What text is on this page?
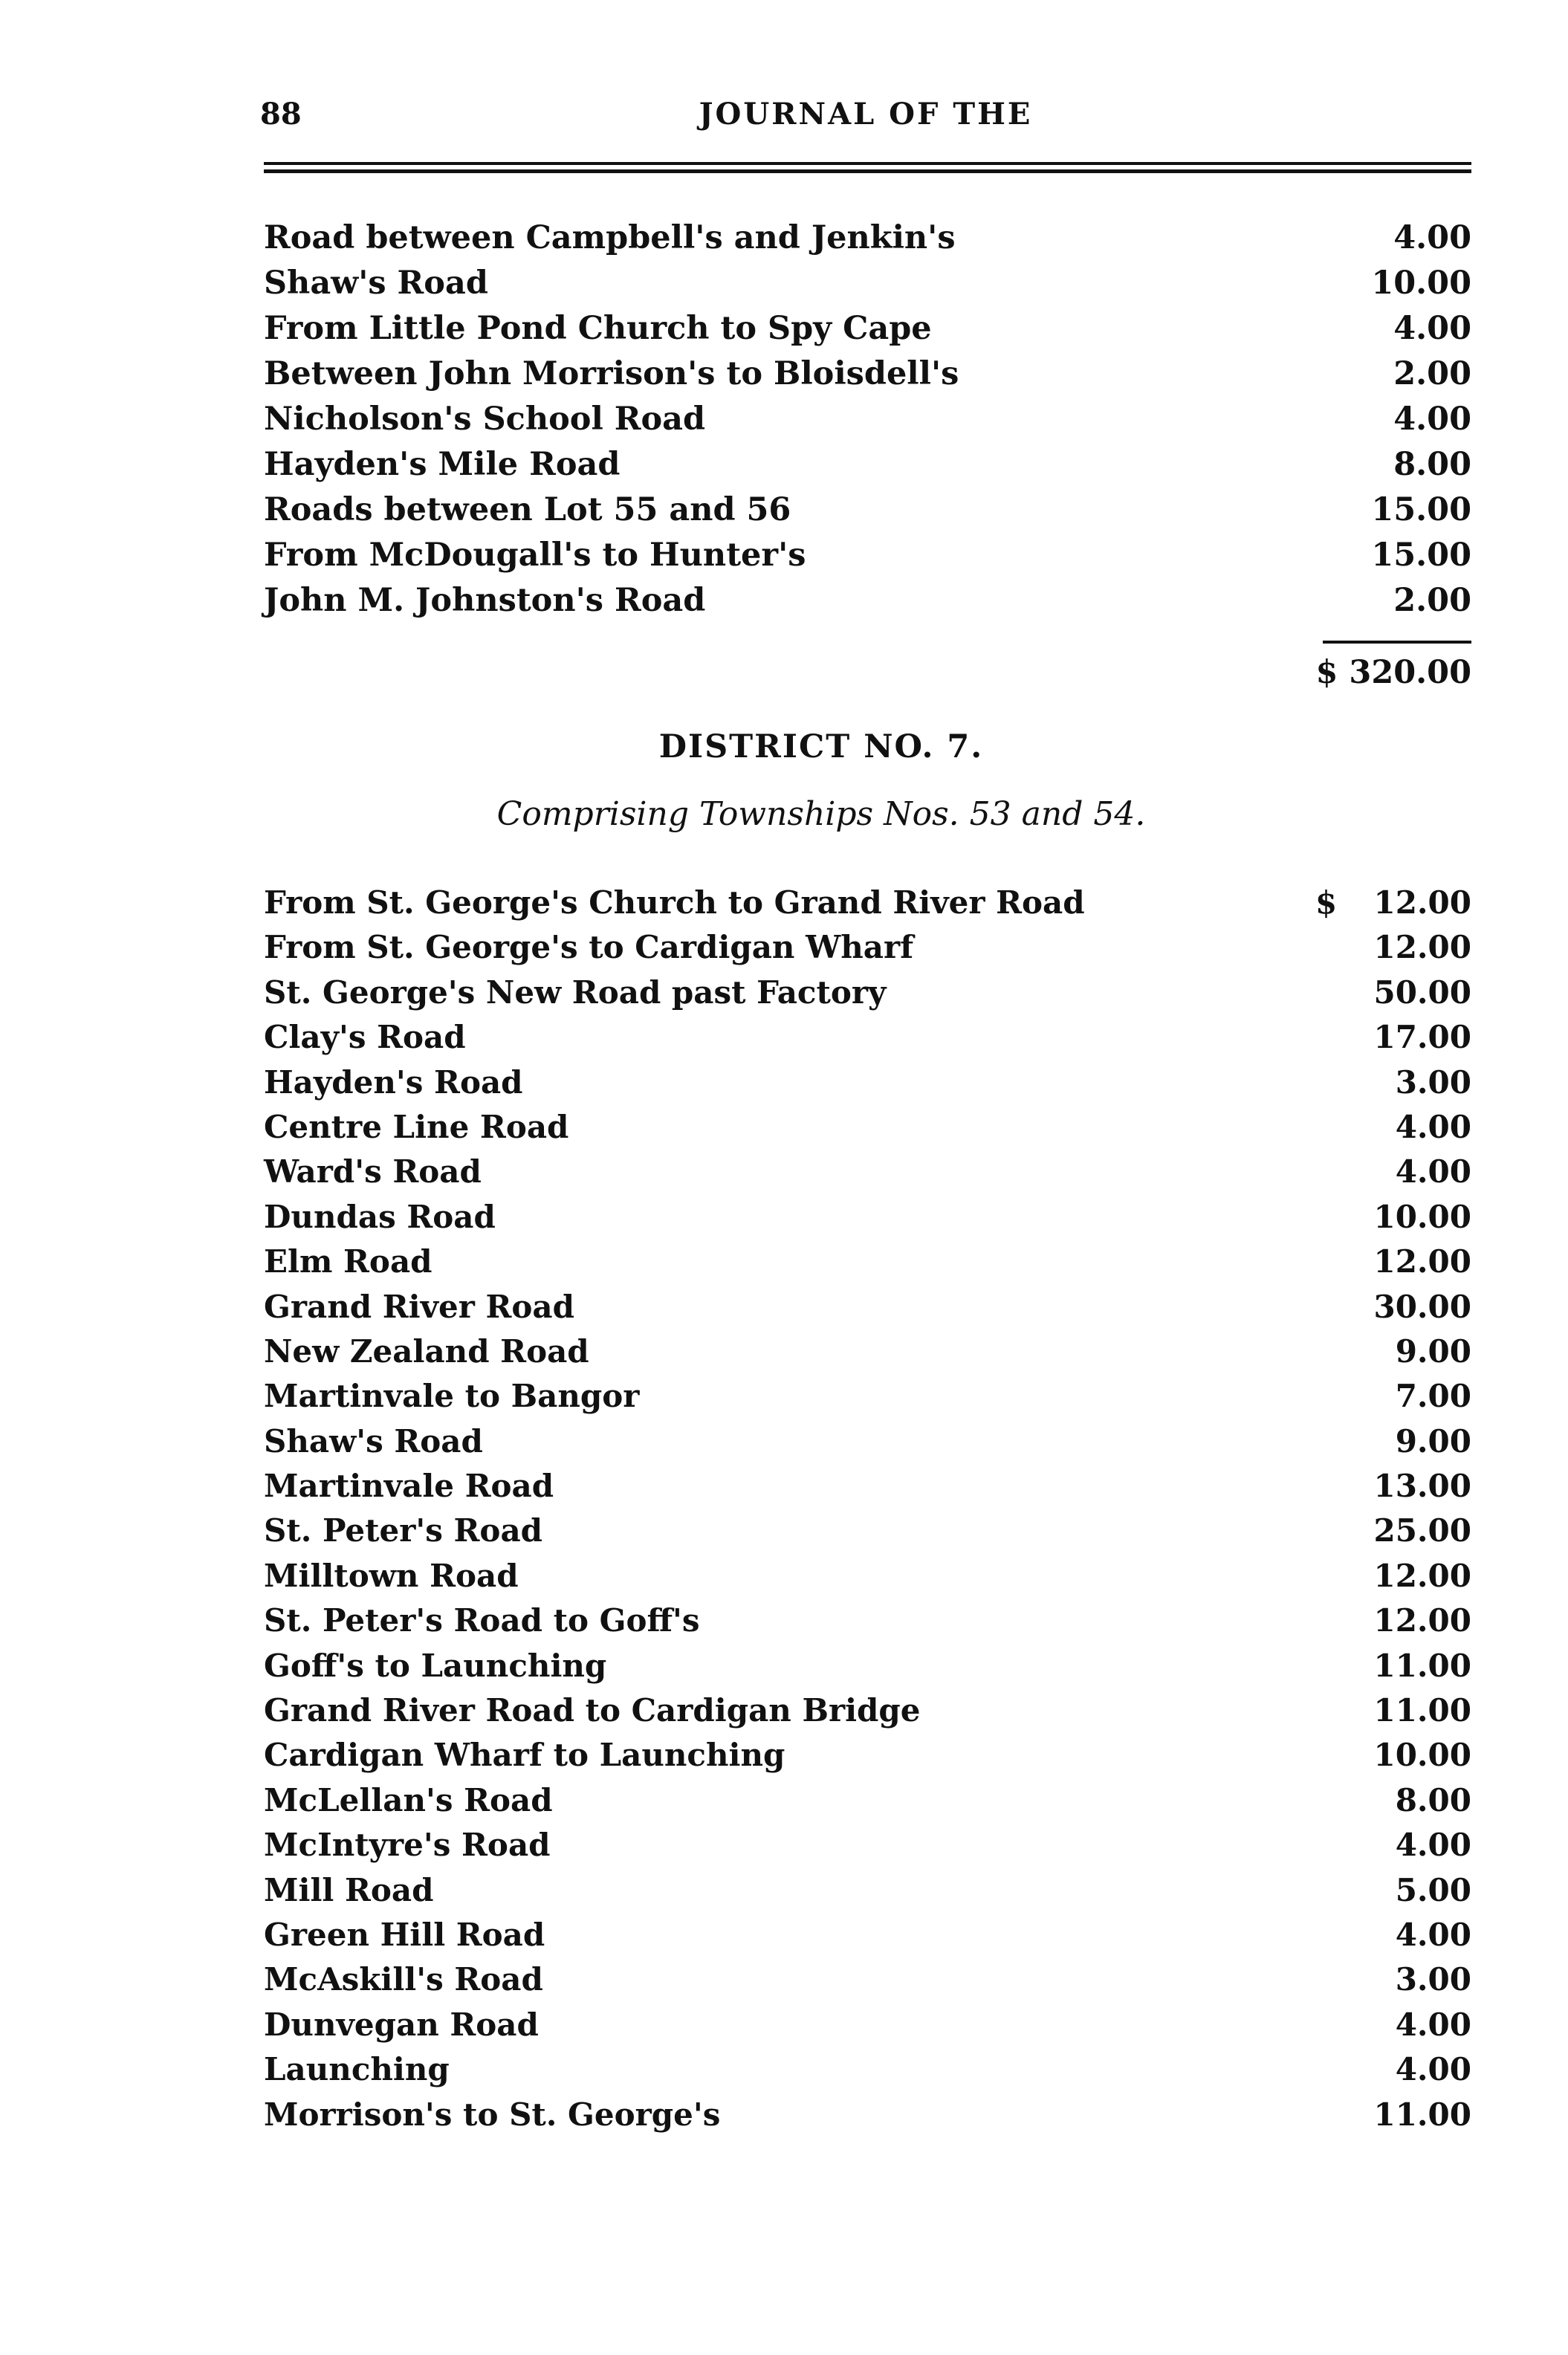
88	JOURNAL OF THE
Road between Campbell's and Jenkin's	4.00
Shaw's Road	10.00
From Little Pond Church to Spy Cape	4.00
Between John Morrison's to Bloisdell's	2.00
Nicholson's School Road	4.00
Hayden's Mile Road	8.00
Roads between Lot 55 and 56	15.00
From McDougall's to Hunter's	15.00
John M. Johnston's Road	2.00
$ 320.00
DISTRICT NO. 7.
Comprising Townships Nos. 53 and 54.
$
From St. George's Church to Grand River Road	12.00
From St. George's to Cardigan Wharf	12.00
St. George's New Road past Factory	50.00
Clay's Road	17.00
Hayden's Road	3.00
Centre Line Road	4.00
Ward's Road	4.00
Dundas Road	10.00
Elm Road	12.00
Grand River Road	30.00
New Zealand Road	9.00
Martinvale to Bangor	7.00
Shaw's Road	9.00
Martinvale Road	13.00
St. Peter's Road	25.00
Milltown Road	12.00
St. Peter's Road to Goff's	12.00
Goff's to Launching	11.00
Grand River Road to Cardigan Bridge	11.00
Cardigan Wharf to Launching	10.00
McLellan's Road	8.00
McIntyre's Road	4.00
Mill Road	5.00
Green Hill Road	4.00
McAskill's Road	3.00
Dunvegan Road	4.00
Launching	4.00
Morrison's to St. George's	11.00
